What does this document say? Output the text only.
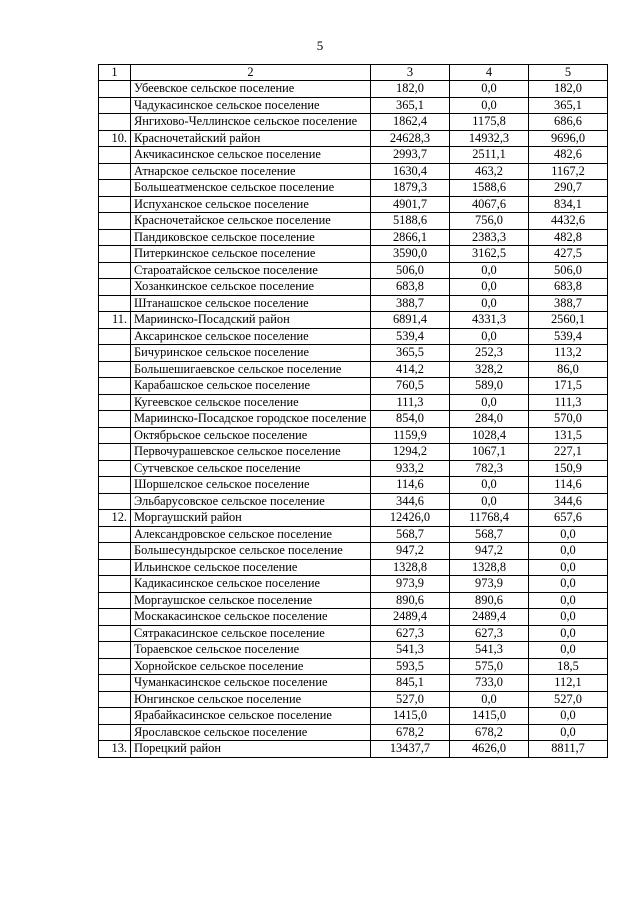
5
1	2	3	4	5
	Убеевское сельское поселение	182,0	0,0	182,0
	Чадукасинское сельское поселение	365,1	0,0	365,1
	Янгихово-Челлинское сельское поселение	1862,4	1175,8	686,6
10.	Красночетайский район	24628,3	14932,3	9696,0
	Акчикасинское сельское поселение	2993,7	2511,1	482,6
	Атнарское сельское поселение	1630,4	463,2	1167,2
	Большеатменское сельское поселение	1879,3	1588,6	290,7
	Испуханское сельское поселение	4901,7	4067,6	834,1
	Красночетайское сельское поселение	5188,6	756,0	4432,6
	Пандиковское сельское поселение	2866,1	2383,3	482,8
	Питеркинское сельское поселение	3590,0	3162,5	427,5
	Староатайское сельское поселение	506,0	0,0	506,0
	Хозанкинское сельское поселение	683,8	0,0	683,8
	Штанашское сельское поселение	388,7	0,0	388,7
11.	Мариинско-Посадский район	6891,4	4331,3	2560,1
	Аксаринское сельское поселение	539,4	0,0	539,4
	Бичуринское сельское поселение	365,5	252,3	113,2
	Большешигаевское сельское поселение	414,2	328,2	86,0
	Карабашское сельское поселение	760,5	589,0	171,5
	Кугеевское сельское поселение	111,3	0,0	111,3
	Мариинско-Посадское городское поселение	854,0	284,0	570,0
	Октябрьское сельское поселение	1159,9	1028,4	131,5
	Первочурашевское сельское поселение	1294,2	1067,1	227,1
	Сутчевское сельское поселение	933,2	782,3	150,9
	Шоршелское сельское поселение	114,6	0,0	114,6
	Эльбарусовское сельское поселение	344,6	0,0	344,6
12.	Моргаушский район	12426,0	11768,4	657,6
	Александровское сельское поселение	568,7	568,7	0,0
	Большесундырское сельское поселение	947,2	947,2	0,0
	Ильинское сельское поселение	1328,8	1328,8	0,0
	Кадикасинское сельское поселение	973,9	973,9	0,0
	Моргаушское сельское поселение	890,6	890,6	0,0
	Москакасинское сельское поселение	2489,4	2489,4	0,0
	Сятракасинское сельское поселение	627,3	627,3	0,0
	Тораевское сельское поселение	541,3	541,3	0,0
	Хорнойское сельское поселение	593,5	575,0	18,5
	Чуманкасинское сельское поселение	845,1	733,0	112,1
	Юнгинское сельское поселение	527,0	0,0	527,0
	Ярабайкасинское сельское поселение	1415,0	1415,0	0,0
	Ярославское сельское поселение	678,2	678,2	0,0
13.	Порецкий район	13437,7	4626,0	8811,7
